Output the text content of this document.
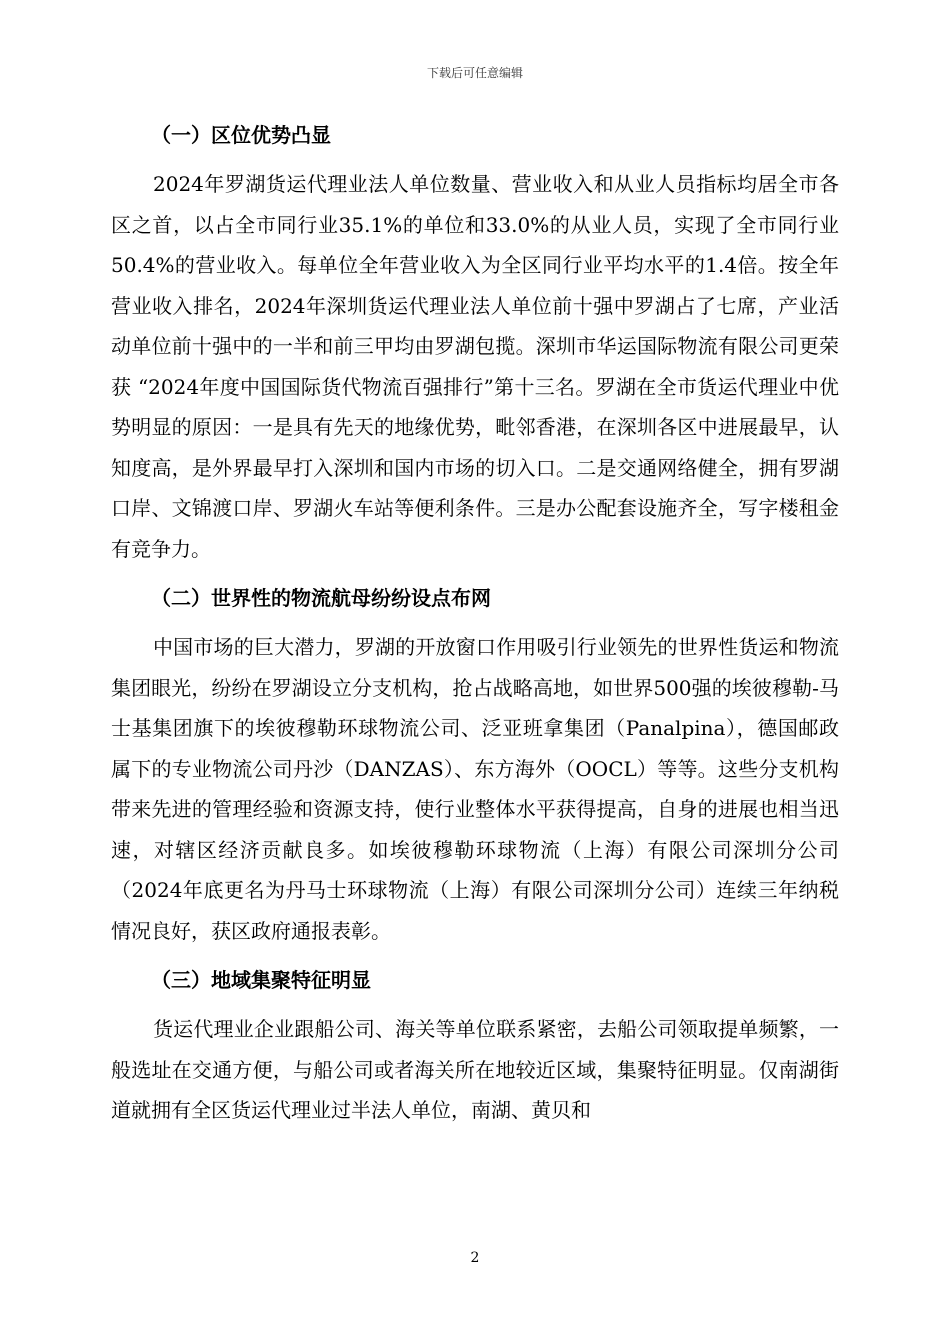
下载后可任意编辑
（一）区位优势凸显

2024年罗湖货运代理业法人单位数量、营业收入和从业人员指标均居全市各区之首，以占全市同行业35.1%的单位和33.0%的从业人员，实现了全市同行业50.4%的营业收入。每单位全年营业收入为全区同行业平均水平的1.4倍。按全年营业收入排名，2024年深圳货运代理业法人单位前十强中罗湖占了七席，产业活动单位前十强中的一半和前三甲均由罗湖包揽。深圳市华运国际物流有限公司更荣获 “2024年度中国国际货代物流百强排行”第十三名。罗湖在全市货运代理业中优势明显的原因：一是具有先天的地缘优势，毗邻香港，在深圳各区中进展最早，认知度高，是外界最早打入深圳和国内市场的切入口。二是交通网络健全，拥有罗湖口岸、文锦渡口岸、罗湖火车站等便利条件。三是办公配套设施齐全，写字楼租金有竞争力。

（二）世界性的物流航母纷纷设点布网

中国市场的巨大潜力，罗湖的开放窗口作用吸引行业领先的世界性货运和物流集团眼光，纷纷在罗湖设立分支机构，抢占战略高地，如世界500强的埃彼穆勒-马士基集团旗下的埃彼穆勒环球物流公司、泛亚班拿集团（Panalpina），德国邮政属下的专业物流公司丹沙（DANZAS）、东方海外（OOCL）等等。这些分支机构带来先进的管理经验和资源支持，使行业整体水平获得提高，自身的进展也相当迅速，对辖区经济贡献良多。如埃彼穆勒环球物流（上海）有限公司深圳分公司（2024年底更名为丹马士环球物流（上海）有限公司深圳分公司）连续三年纳税情况良好，获区政府通报表彰。

（三）地域集聚特征明显

货运代理业企业跟船公司、海关等单位联系紧密，去船公司领取提单频繁，一般选址在交通方便，与船公司或者海关所在地较近区域，集聚特征明显。仅南湖街道就拥有全区货运代理业过半法人单位，南湖、黄贝和

2
